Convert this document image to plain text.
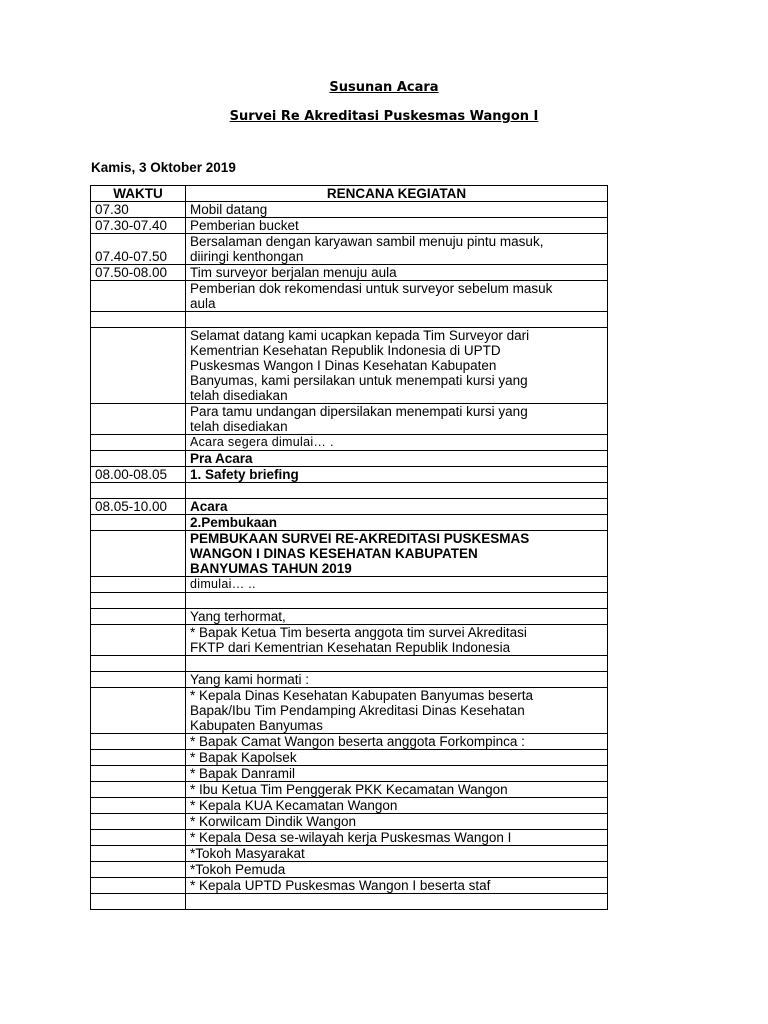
Susunan Acara
Survei Re Akreditasi Puskesmas Wangon I
Kamis, 3 Oktober 2019
WAKTU	RENCANA KEGIATAN
07.30	Mobil datang
07.30-07.40	Pemberian bucket
07.40-07.50	Bersalaman dengan karyawan sambil menuju pintu masuk,
diiringi kenthongan
07.50-08.00	Tim surveyor berjalan menuju aula
	Pemberian dok rekomendasi untuk surveyor sebelum masuk
aula

	Selamat datang kami ucapkan kepada Tim Surveyor dari
Kementrian Kesehatan Republik Indonesia di UPTD
Puskesmas Wangon I Dinas Kesehatan Kabupaten
Banyumas, kami persilakan untuk menempati kursi yang
telah disediakan
	Para tamu undangan dipersilakan menempati kursi yang
telah disediakan
	Acara segera dimulai… .
	Pra Acara
08.00-08.05	1. Safety briefing

08.05-10.00	Acara
	2.Pembukaan
	PEMBUKAAN SURVEI RE-AKREDITASI PUSKESMAS
WANGON I DINAS KESEHATAN KABUPATEN
BANYUMAS TAHUN 2019
	dimulai… ..

	Yang terhormat,
	* Bapak Ketua Tim beserta anggota tim survei Akreditasi
FKTP dari Kementrian Kesehatan Republik Indonesia

	Yang kami hormati :
	* Kepala Dinas Kesehatan Kabupaten Banyumas beserta
Bapak/Ibu Tim Pendamping Akreditasi Dinas Kesehatan
Kabupaten Banyumas
	* Bapak Camat Wangon beserta anggota Forkompinca :
	* Bapak Kapolsek
	* Bapak Danramil
	* Ibu Ketua Tim Penggerak PKK Kecamatan Wangon
	* Kepala KUA Kecamatan Wangon
	* Korwilcam Dindik Wangon
	* Kepala Desa se-wilayah kerja Puskesmas Wangon I
	*Tokoh Masyarakat
	*Tokoh Pemuda
	* Kepala UPTD Puskesmas Wangon I beserta staf
